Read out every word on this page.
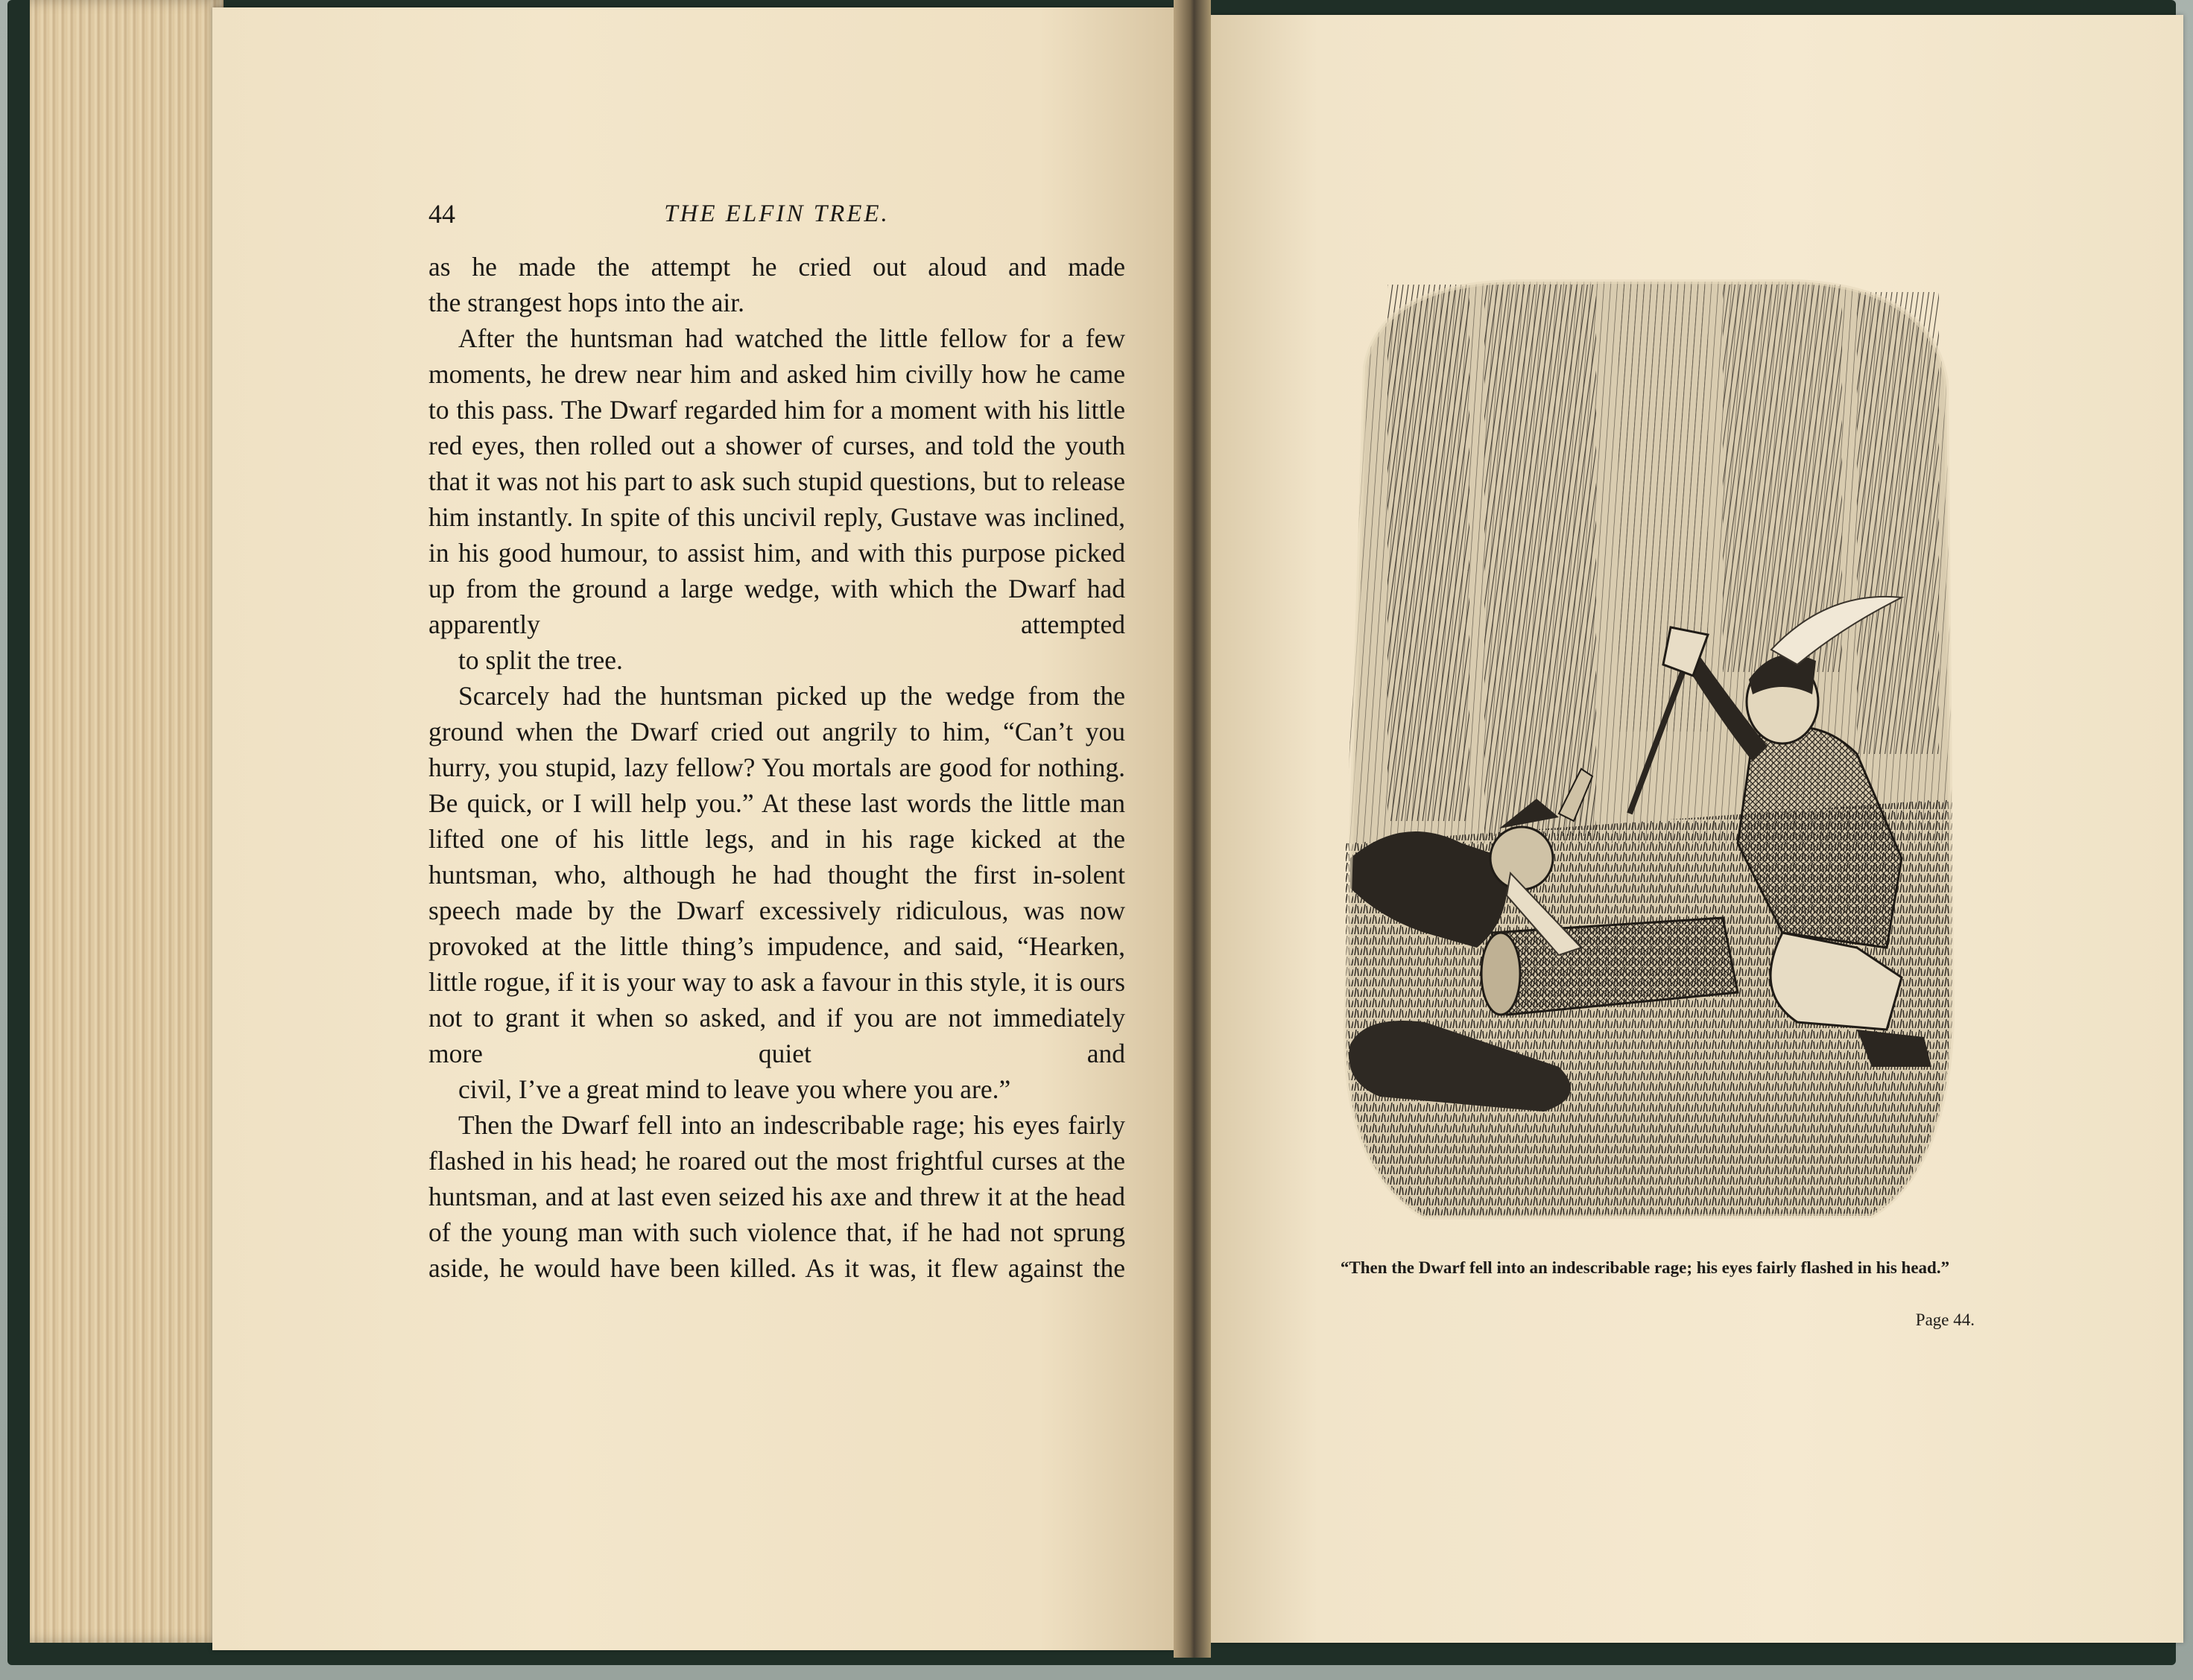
44	THE ELFIN TREE.

as he made the attempt he cried out aloud and made
the strangest hops into the air.

After the huntsman had watched the little fellow for a few moments, he drew near him and asked him civilly how he came to this pass. The Dwarf regarded him for a moment with his little red eyes, then rolled out a shower of curses, and told the youth that it was not his part to ask such stupid questions, but to release him instantly. In spite of this uncivil reply, Gustave was inclined, in his good humour, to assist him, and with this purpose picked up from the ground a large wedge, with which the Dwarf had apparently attempted
to split the tree.

Scarcely had the huntsman picked up the wedge from the ground when the Dwarf cried out angrily to him, “Can’t you hurry, you stupid, lazy fellow? You mortals are good for nothing. Be quick, or I will help you.” At these last words the little man lifted one of his little legs, and in his rage kicked at the huntsman, who, although he had thought the first in-solent speech made by the Dwarf excessively ridiculous, was now provoked at the little thing’s impudence, and said, “Hearken, little rogue, if it is your way to ask a favour in this style, it is ours not to grant it when so asked, and if you are not immediately more quiet and
civil, I’ve a great mind to leave you where you are.”

Then the Dwarf fell into an indescribable rage; his eyes fairly flashed in his head; he roared out the most frightful curses at the huntsman, and at last even seized his axe and threw it at the head of the young man with such violence that, if he had not sprung aside, he would have been killed. As it was, it flew against the	“Then the Dwarf fell into an indescribable rage; his eyes fairly flashed in his head.”
Page 44.
